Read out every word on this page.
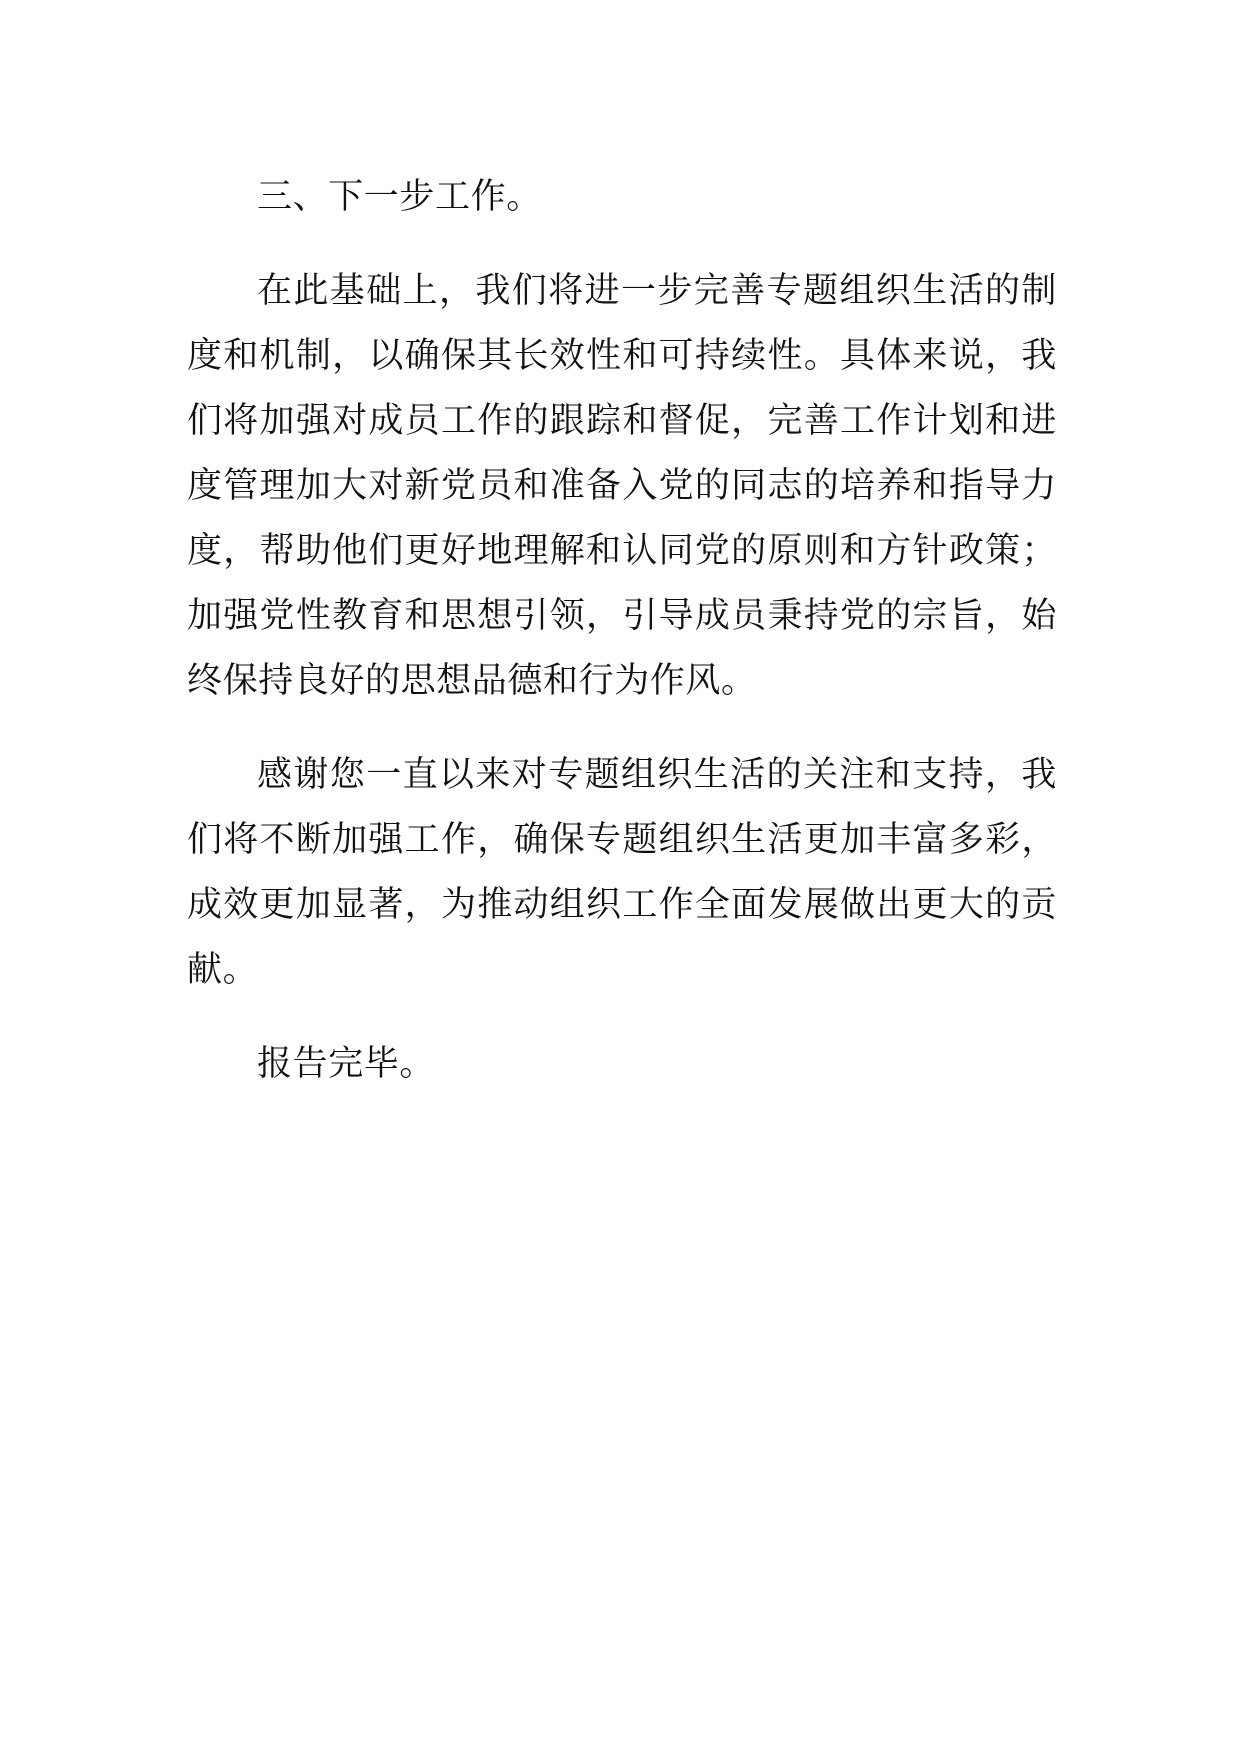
三、下一步工作。

在此基础上，我们将进一步完善专题组织生活的制度和机制，以确保其长效性和可持续性。具体来说，我们将加强对成员工作的跟踪和督促，完善工作计划和进度管理加大对新党员和准备入党的同志的培养和指导力度，帮助他们更好地理解和认同党的原则和方针政策；加强党性教育和思想引领，引导成员秉持党的宗旨，始终保持良好的思想品德和行为作风。

感谢您一直以来对专题组织生活的关注和支持，我们将不断加强工作，确保专题组织生活更加丰富多彩，成效更加显著，为推动组织工作全面发展做出更大的贡献。

报告完毕。
